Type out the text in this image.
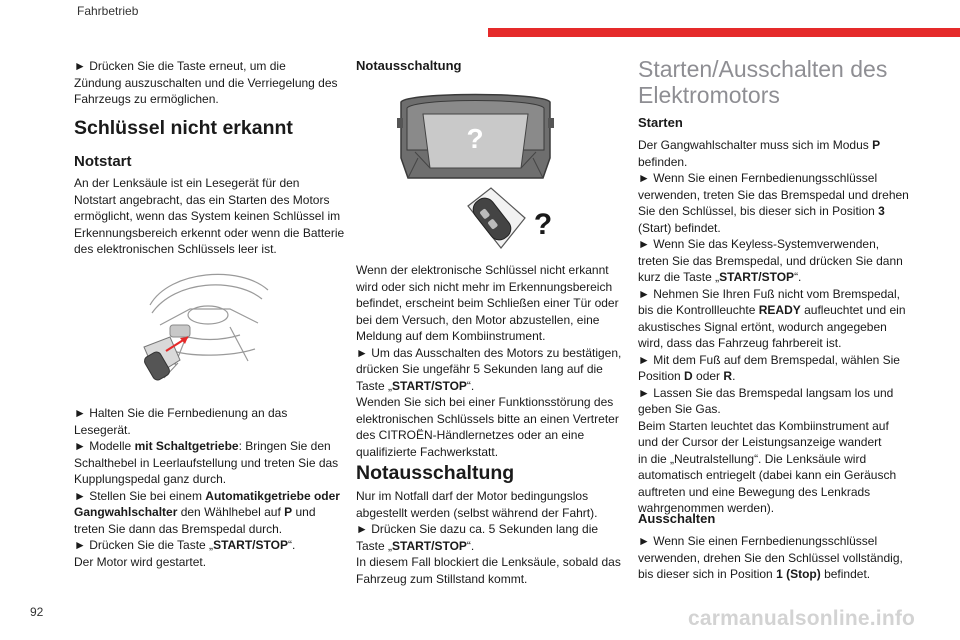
Fahrbetrieb
► Drücken Sie die Taste erneut, um die
Zündung auszuschalten und die Verriegelung des
Fahrzeugs zu ermöglichen.
Schlüssel nicht erkannt
Notstart
An der Lenksäule ist ein Lesegerät für den
Notstart angebracht, das ein Starten des Motors
ermöglicht, wenn das System keinen Schlüssel im
Erkennungsbereich erkennt oder wenn die Batterie
des elektronischen Schlüssels leer ist.
► Halten Sie die Fernbedienung an das
Lesegerät.
► Modelle mit Schaltgetriebe: Bringen Sie den
Schalthebel in Leerlaufstellung und treten Sie das
Kupplungspedal ganz durch.
► Stellen Sie bei einem Automatikgetriebe oder
Gangwahlschalter den Wählhebel auf P und
treten Sie dann das Bremspedal durch.
► Drücken Sie die Taste „START/STOP“.
Der Motor wird gestartet.
92
Notausschaltung
?
?
Wenn der elektronische Schlüssel nicht erkannt
wird oder sich nicht mehr im Erkennungsbereich
befindet, erscheint beim Schließen einer Tür oder
bei dem Versuch, den Motor abzustellen, eine
Meldung auf dem Kombiinstrument.
► Um das Ausschalten des Motors zu bestätigen,
drücken Sie ungefähr 5 Sekunden lang auf die
Taste „START/STOP“.
Wenden Sie sich bei einer Funktionsstörung des
elektronischen Schlüssels bitte an einen Vertreter
des CITROËN-Händlernetzes oder an eine
qualifizierte Fachwerkstatt.
Notausschaltung
Nur im Notfall darf der Motor bedingungslos
abgestellt werden (selbst während der Fahrt).
► Drücken Sie dazu ca. 5 Sekunden lang die
Taste „START/STOP“.
In diesem Fall blockiert die Lenksäule, sobald das
Fahrzeug zum Stillstand kommt.
Starten/Ausschalten des
Elektromotors
Starten
Der Gangwahlschalter muss sich im Modus P
befinden.
► Wenn Sie einen Fernbedienungsschlüssel
verwenden, treten Sie das Bremspedal und drehen
Sie den Schlüssel, bis dieser sich in Position 3
(Start) befindet.
► Wenn Sie das Keyless-Systemverwenden,
treten Sie das Bremspedal, und drücken Sie dann
kurz die Taste „START/STOP“.
► Nehmen Sie Ihren Fuß nicht vom Bremspedal,
bis die Kontrollleuchte READY aufleuchtet und ein
akustisches Signal ertönt, wodurch angegeben
wird, dass das Fahrzeug fahrbereit ist.
► Mit dem Fuß auf dem Bremspedal, wählen Sie
Position D oder R.
► Lassen Sie das Bremspedal langsam los und
geben Sie Gas.
Beim Starten leuchtet das Kombiinstrument auf
und der Cursor der Leistungsanzeige wandert
in die „Neutralstellung“. Die Lenksäule wird
automatisch entriegelt (dabei kann ein Geräusch
auftreten und eine Bewegung des Lenkrads
wahrgenommen werden).
Ausschalten
► Wenn Sie einen Fernbedienungsschlüssel
verwenden, drehen Sie den Schlüssel vollständig,
bis dieser sich in Position 1 (Stop) befindet.
carmanualsonline.info
